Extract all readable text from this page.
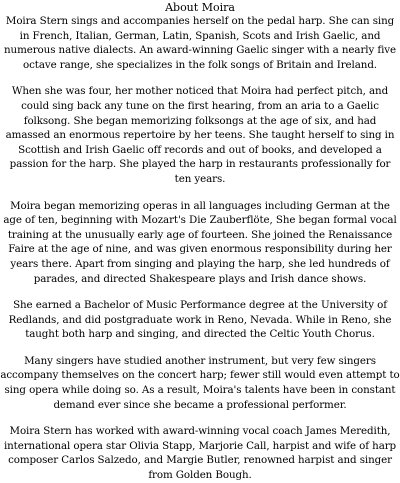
About Moira

Moira Stern sings and accompanies herself on the pedal harp. She can sing in French, Italian, German, Latin, Spanish, Scots and Irish Gaelic, and numerous native dialects. An award-winning Gaelic singer with a nearly five octave range, she specializes in the folk songs of Britain and Ireland.

When she was four, her mother noticed that Moira had perfect pitch, and could sing back any tune on the first hearing, from an aria to a Gaelic folksong. She began memorizing folksongs at the age of six, and had amassed an enormous repertoire by her teens. She taught herself to sing in Scottish and Irish Gaelic off records and out of books, and developed a passion for the harp. She played the harp in restaurants professionally for ten years.

Moira began memorizing operas in all languages including German at the age of ten, beginning with Mozart's Die Zauberflöte, She began formal vocal training at the unusually early age of fourteen. She joined the Renaissance Faire at the age of nine, and was given enormous responsibility during her years there. Apart from singing and playing the harp, she led hundreds of parades, and directed Shakespeare plays and Irish dance shows.

She earned a Bachelor of Music Performance degree at the University of Redlands, and did postgraduate work in Reno, Nevada. While in Reno, she taught both harp and singing, and directed the Celtic Youth Chorus.

Many singers have studied another instrument, but very few singers accompany themselves on the concert harp; fewer still would even attempt to sing opera while doing so. As a result, Moira's talents have been in constant demand ever since she became a professional performer.

Moira Stern has worked with award-winning vocal coach James Meredith, international opera star Olivia Stapp, Marjorie Call, harpist and wife of harp composer Carlos Salzedo, and Margie Butler, renowned harpist and singer from Golden Bough.
